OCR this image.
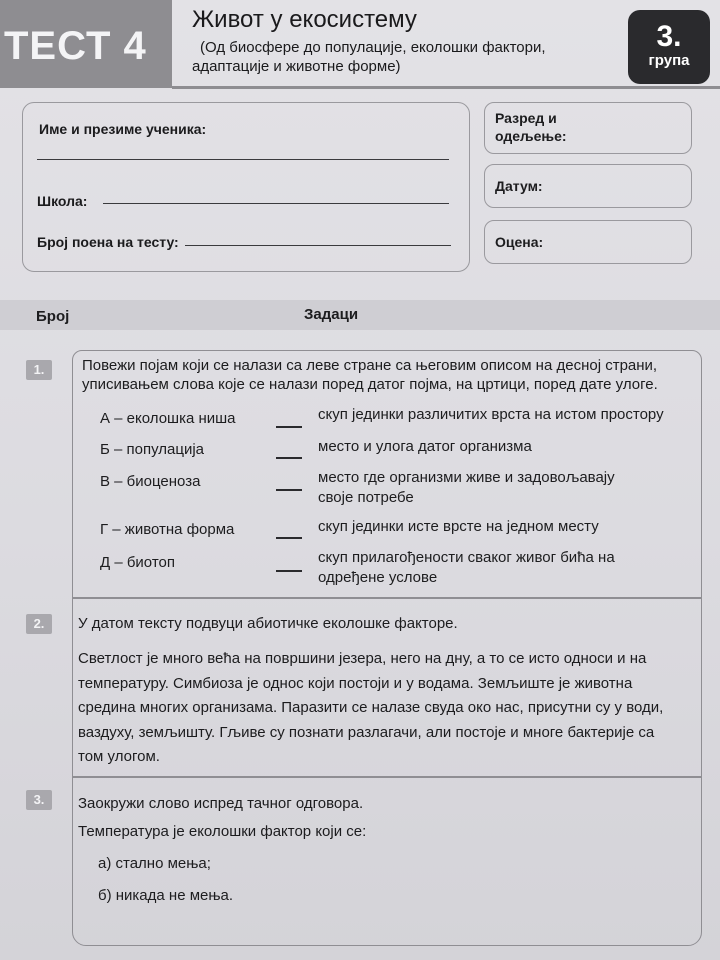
ТЕСТ 4
Живот у екосистему
(Од биосфере до популације, еколошки фактори,
адаптације и животне форме)
3.
група
Име и презиме ученика:
Школа:
Број поена на тесту:
Разред и
одељење:
Датум:
Оцена:
Број	Задаци
1.	Повежи појам који се налази са леве стране са његовим описом на десној страни,
уписивањем слова које се налази поред датог појма, на цртици, поред дате улоге.
А – еколошка ниша	скуп јединки различитих врста на истом простору
Б – популација	место и улога датог организма
В – биоценоза	место где организми живе и задовољавају
своје потребе
Г – животна форма	скуп јединки исте врсте на једном месту
Д – биотоп	скуп прилагођености сваког живог бића на
одређене услове
2.	У датом тексту подвуци абиотичке еколошке факторе.
Светлост је много већа на површини језера, него на дну, а то се исто односи и на
температуру. Симбиоза је однос који постоји и у водама. Земљиште је животна
средина многих организама. Паразити се налазе свуда око нас, присутни су у води,
ваздуху, земљишту. Гљиве су познати разлагачи, али постоје и многе бактерије са
том улогом.
3.	Заокружи слово испред тачног одговора.
Температура је еколошки фактор који се:
а) стално мења;
б) никада не мења.
